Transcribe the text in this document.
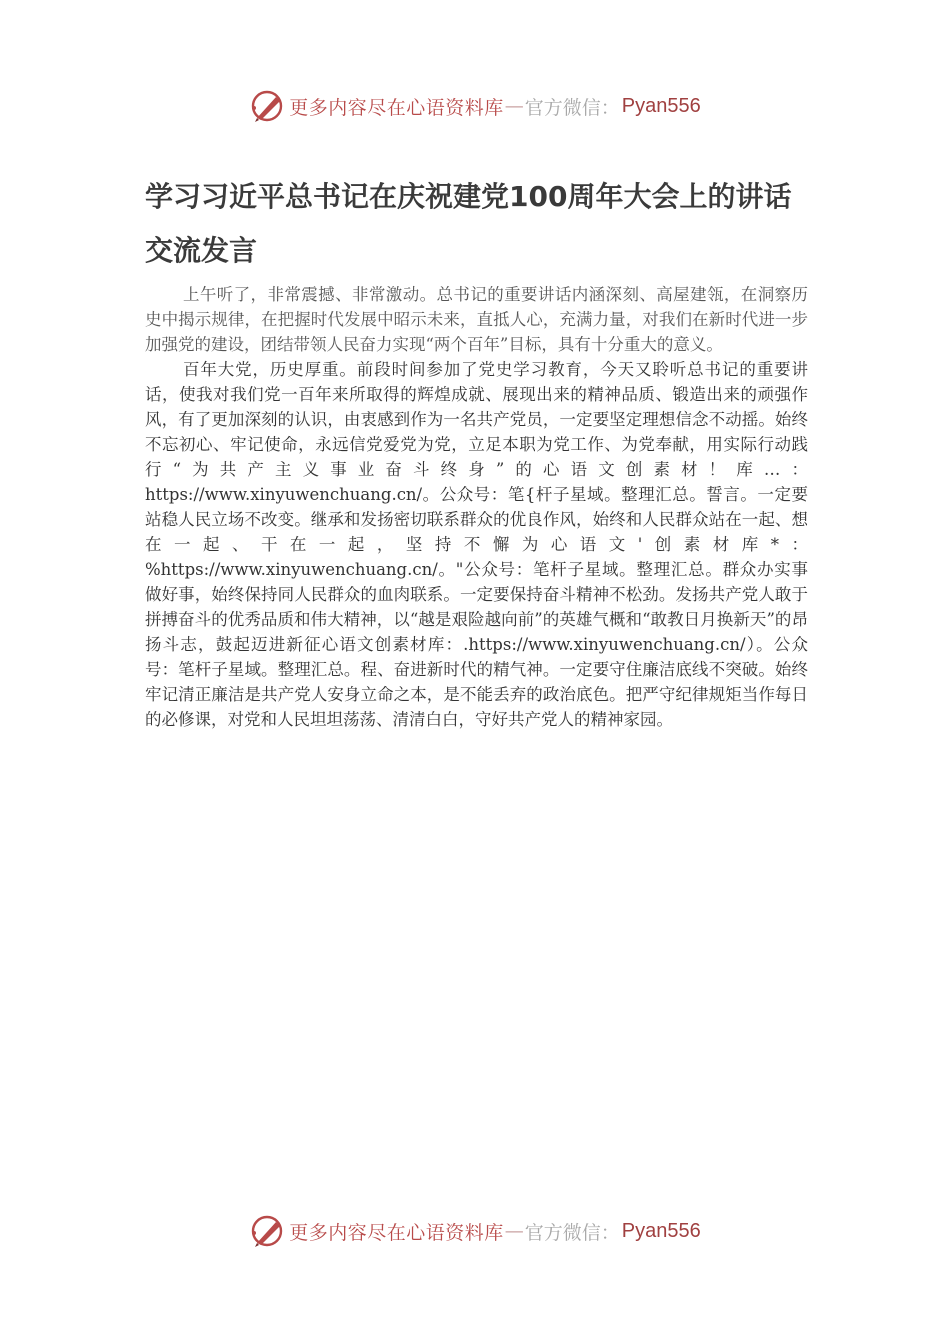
更多内容尽在心语资料库 — 官方微信： Pyan556
学习习近平总书记在庆祝建党100周年大会上的讲话交流发言

上午听了，非常震撼、非常激动。总书记的重要讲话内涵深刻、高屋建瓴，在洞察历史中揭示规律，在把握时代发展中昭示未来，直抵人心，充满力量，对我们在新时代进一步加强党的建设，团结带领人民奋力实现“两个百年”目标，具有十分重大的意义。

百年大党，历史厚重。前段时间参加了党史学习教育，今天又聆听总书记的重要讲话，使我对我们党一百年来所取得的辉煌成就、展现出来的精神品质、锻造出来的顽强作风，有了更加深刻的认识，由衷感到作为一名共产党员，一定要坚定理想信念不动摇。始终不忘初心、牢记使命，永远信党爱党为党，立足本职为党工作、为党奉献，用实际行动践行“为共产主义事业奋斗终身”的心语文创素材！库…：https://www.xinyuwenchuang.cn/。公众号：笔{杆子星域。整理汇总。誓言。一定要站稳人民立场不改变。继承和发扬密切联系群众的优良作风，始终和人民群众站在一起、想在一起、干在一起，坚持不懈为心语文'创素材库*：%https://www.xinyuwenchuang.cn/。"公众号：笔杆子星域。整理汇总。群众办实事做好事，始终保持同人民群众的血肉联系。一定要保持奋斗精神不松劲。发扬共产党人敢于拼搏奋斗的优秀品质和伟大精神，以“越是艰险越向前”的英雄气概和“敢教日月换新天”的昂扬斗志，鼓起迈进新征心语文创素材库：.https://www.xinyuwenchuang.cn/）。公众号：笔杆子星域。整理汇总。程、奋进新时代的精气神。一定要守住廉洁底线不突破。始终牢记清正廉洁是共产党人安身立命之本，是不能丢弃的政治底色。把严守纪律规矩当作每日的必修课，对党和人民坦坦荡荡、清清白白，守好共产党人的精神家园。

更多内容尽在心语资料库 — 官方微信： Pyan556
